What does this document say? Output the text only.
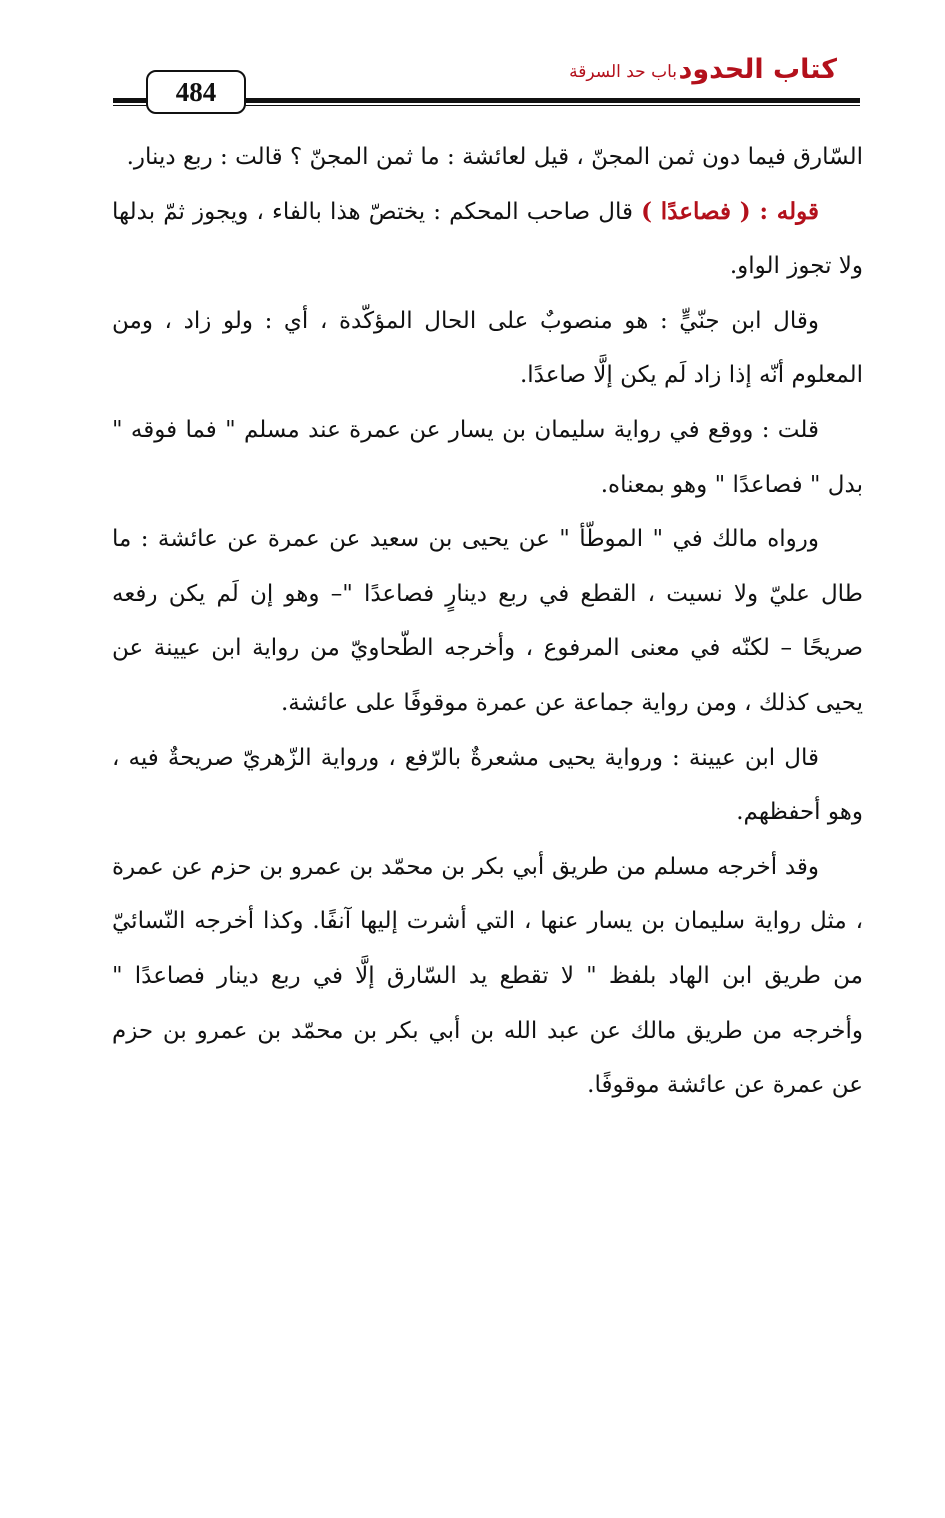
كتاب الحدود
باب حد السرقة
484

السّارق فيما دون ثمن المجنّ ، قيل لعائشة : ما ثمن المجنّ ؟ قالت : ربع دينار.

قوله : ( فصاعدًا ) قال صاحب المحكم : يختصّ هذا بالفاء ، ويجوز ثمّ بدلها ولا تجوز الواو.

وقال ابن جنّيٍّ : هو منصوبٌ على الحال المؤكّدة ، أي : ولو زاد ، ومن المعلوم أنّه إذا زاد لَم يكن إلَّا صاعدًا.

قلت : ووقع في رواية سليمان بن يسار عن عمرة عند مسلم " فما فوقه " بدل " فصاعدًا " وهو بمعناه.

ورواه مالك في " الموطّأ " عن يحيى بن سعيد عن عمرة عن عائشة : ما طال عليّ ولا نسيت ، القطع في ربع دينارٍ فصاعدًا "– وهو إن لَم يكن رفعه صريحًا – لكنّه في معنى المرفوع ، وأخرجه الطّحاويّ من رواية ابن عيينة عن يحيى كذلك ، ومن رواية جماعة عن عمرة موقوفًا على عائشة.

قال ابن عيينة : ورواية يحيى مشعرةٌ بالرّفع ، ورواية الزّهريّ صريحةٌ فيه ، وهو أحفظهم.

وقد أخرجه مسلم من طريق أبي بكر بن محمّد بن عمرو بن حزم عن عمرة ، مثل رواية سليمان بن يسار عنها ، التي أشرت إليها آنفًا. وكذا أخرجه النّسائيّ من طريق ابن الهاد بلفظ " لا تقطع يد السّارق إلَّا في ربع دينار فصاعدًا " وأخرجه من طريق مالك عن عبد الله بن أبي بكر بن محمّد بن عمرو بن حزم عن عمرة عن عائشة موقوفًا.
